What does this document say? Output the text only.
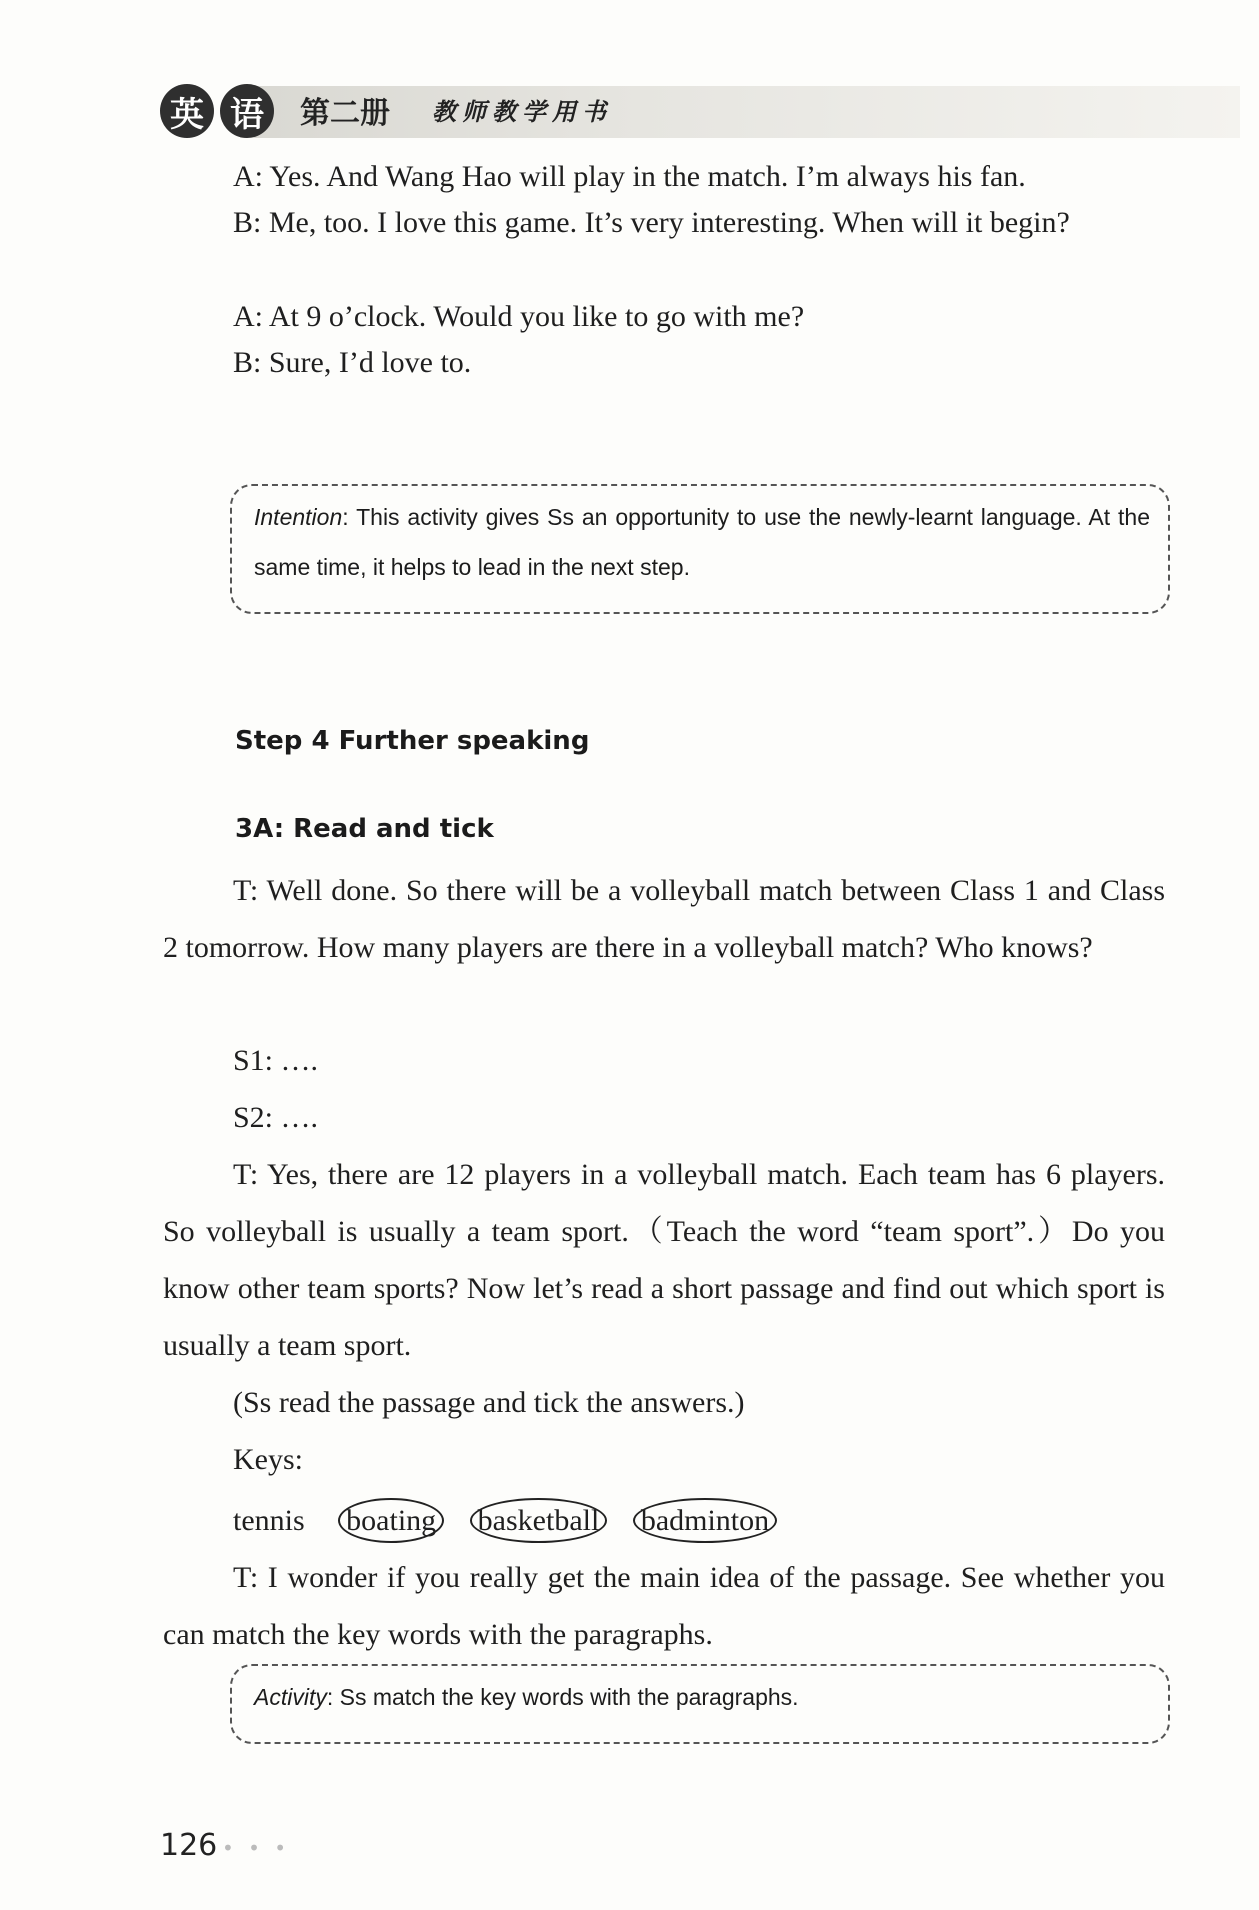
英 语	第二册 教师教学用书

A: Yes. And Wang Hao will play in the match. I’m always his fan.

B: Me, too. I love this game. It’s very interesting. When will it begin?

A: At 9 o’clock. Would you like to go with me?

B: Sure, I’d love to.

Intention: This activity gives Ss an opportunity to use the newly-learnt language. At the same time, it helps to lead in the next step.
Step 4 Further speaking
3A: Read and tick

T: Well done. So there will be a volleyball match between Class 1 and Class 2 tomorrow. How many players are there in a volleyball match? Who knows?

S1: ….

S2: ….

T: Yes, there are 12 players in a volleyball match. Each team has 6 players. So volleyball is usually a team sport.（Teach the word “team sport”.）Do you know other team sports? Now let’s read a short passage and find out which sport is usually a team sport.

(Ss read the passage and tick the answers.)

Keys:

tennis boating basketball badminton

T: I wonder if you really get the main idea of the passage. See whether you can match the key words with the paragraphs.

Activity: Ss match the key words with the paragraphs.
126 • • •
